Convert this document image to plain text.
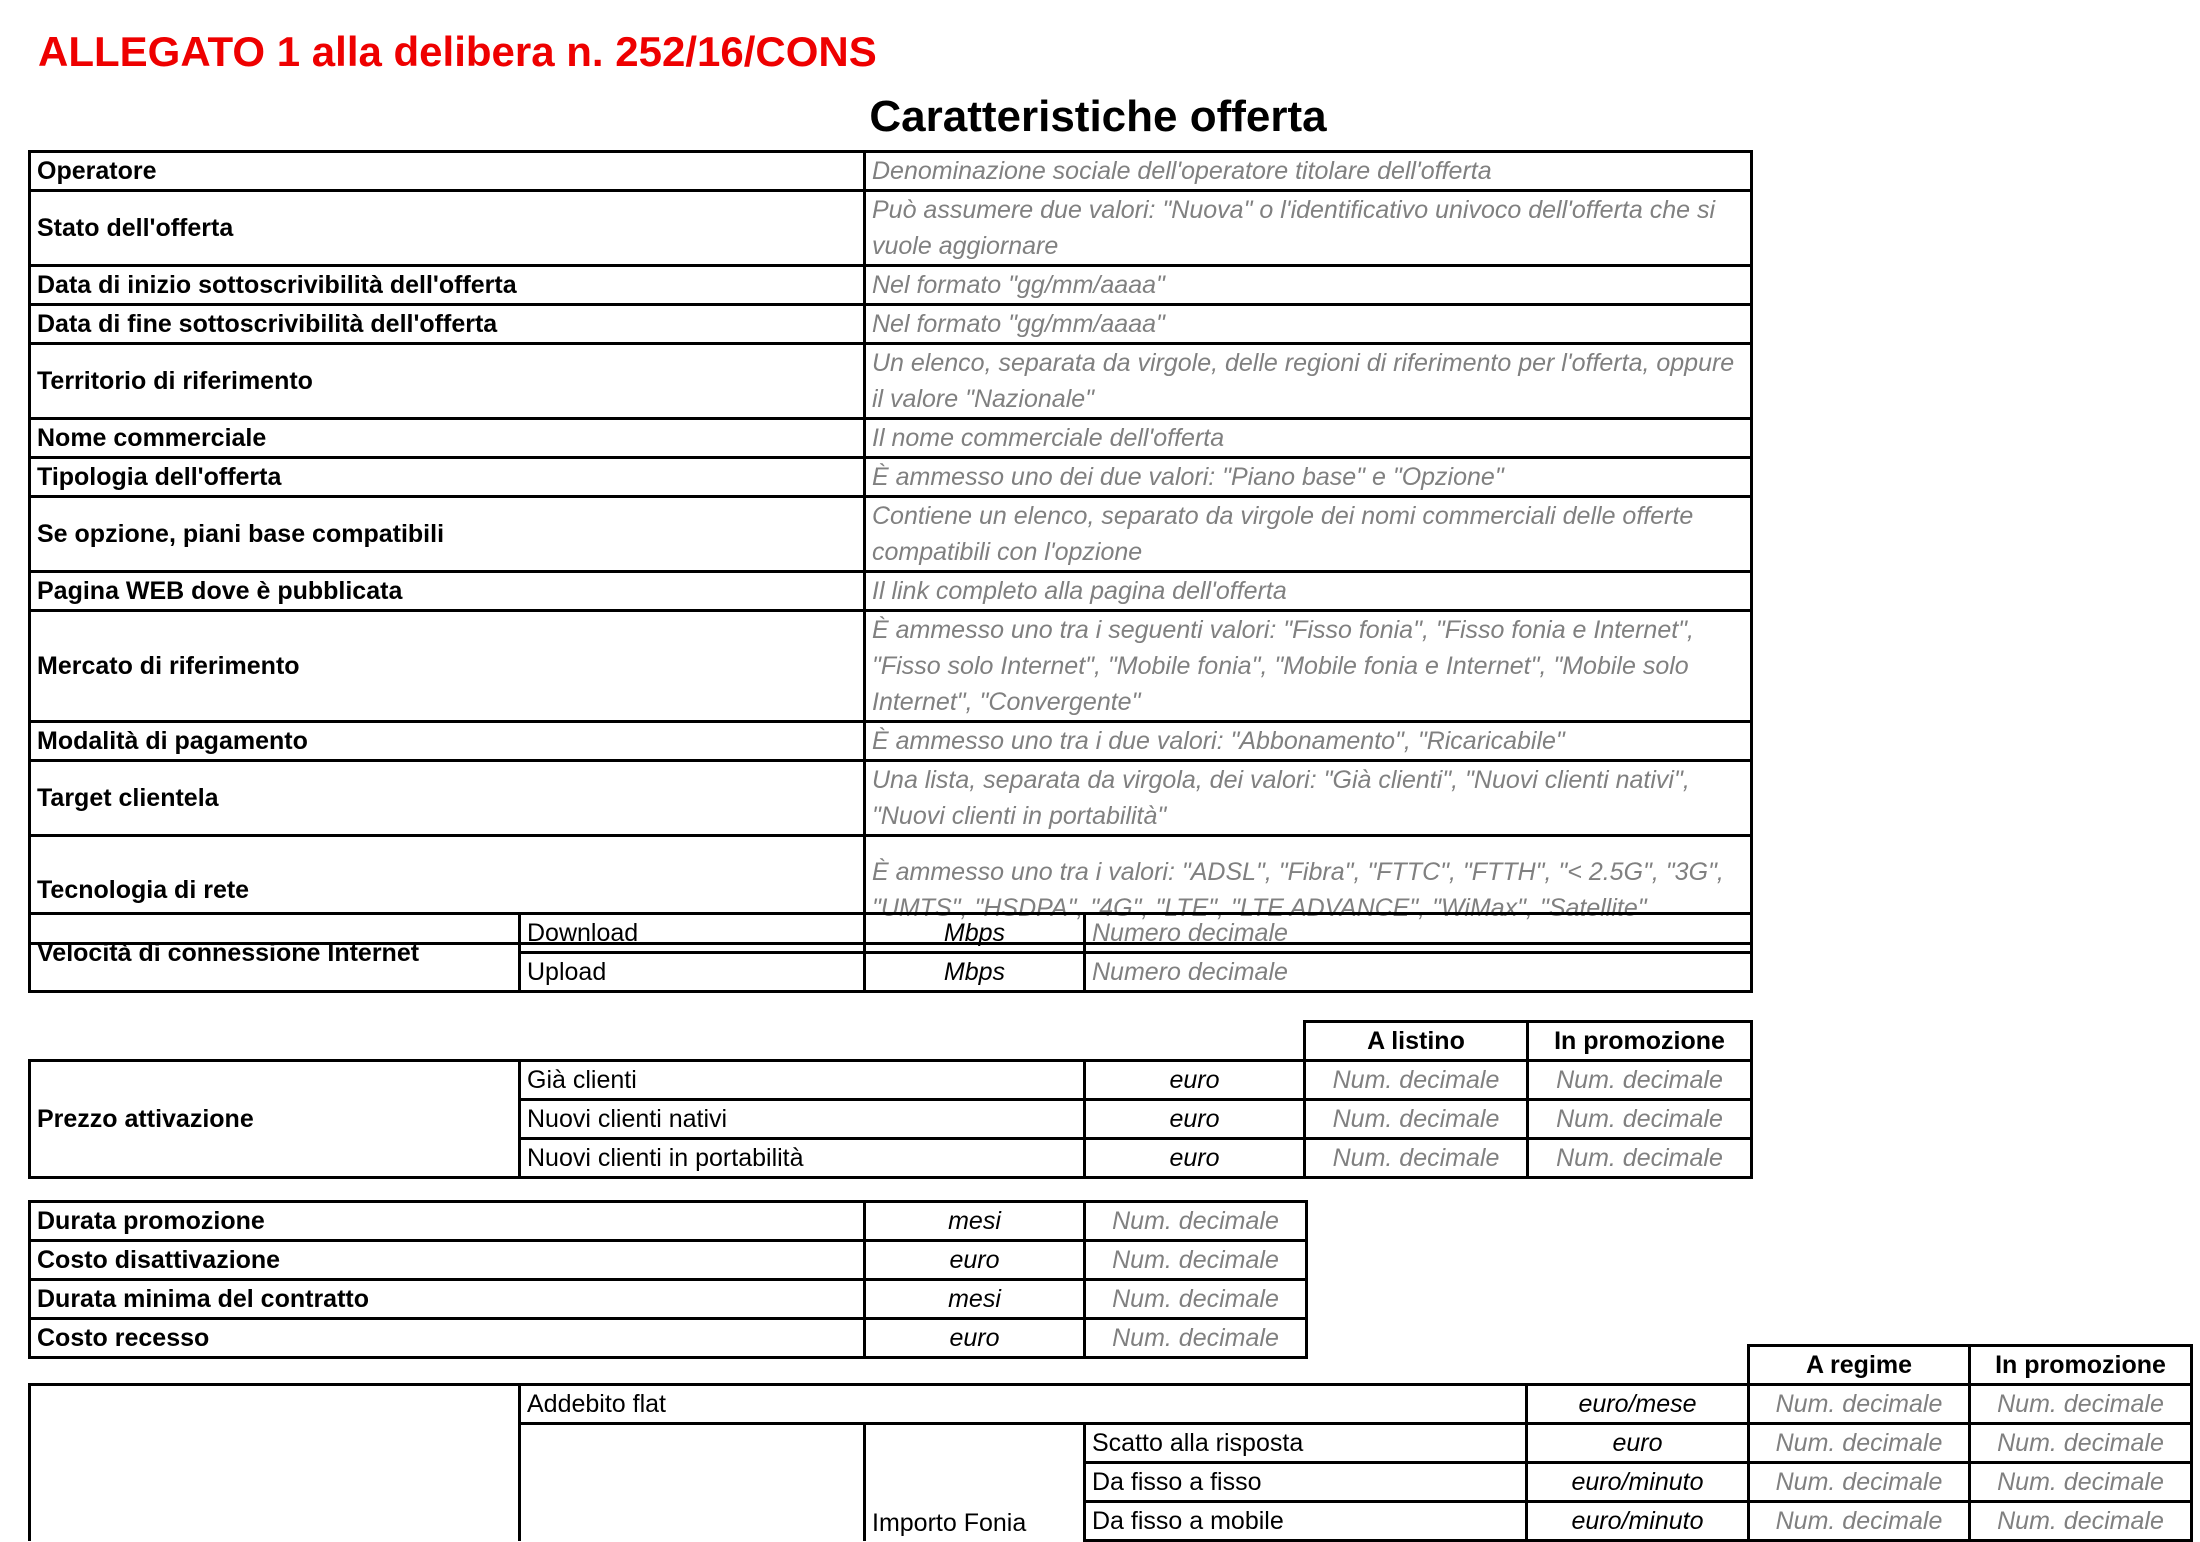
ALLEGATO 1 alla delibera n. 252/16/CONS
Caratteristiche offerta
Operatore	Denominazione sociale dell'operatore titolare dell'offerta
Stato dell'offerta	Può assumere due valori: "Nuova" o l'identificativo univoco dell'offerta che si vuole aggiornare
Data di inizio sottoscrivibilità dell'offerta	Nel formato "gg/mm/aaaa"
Data di fine sottoscrivibilità dell'offerta	Nel formato "gg/mm/aaaa"
Territorio di riferimento	Un elenco, separata da virgole, delle regioni di riferimento per l'offerta, oppure il valore "Nazionale"
Nome commerciale	Il nome commerciale dell'offerta
Tipologia dell'offerta	È ammesso uno dei due valori: "Piano base" e "Opzione"
Se opzione, piani base compatibili	Contiene un elenco, separato da virgole dei nomi commerciali delle offerte compatibili con l'opzione
Pagina WEB dove è pubblicata	Il link completo alla pagina dell'offerta
Mercato di riferimento	È ammesso uno tra i seguenti valori: "Fisso fonia", "Fisso fonia e Internet", "Fisso solo Internet", "Mobile fonia", "Mobile fonia e Internet", "Mobile solo Internet", "Convergente"
Modalità di pagamento	È ammesso uno tra i due valori: "Abbonamento", "Ricaricabile"
Target clientela	Una lista, separata da virgola, dei valori: "Già clienti", "Nuovi clienti nativi", "Nuovi clienti in portabilità"
Tecnologia di rete	È ammesso uno tra i valori: "ADSL", "Fibra", "FTTC", "FTTH", "< 2.5G", "3G", "UMTS", "HSDPA", "4G", "LTE", "LTE ADVANCE", "WiMax", "Satellite"
Velocità di connessione Internet	Download	Mbps	Numero decimale
	Upload	Mbps	Numero decimale
			A listino	In promozione
Prezzo attivazione	Già clienti	euro	Num. decimale	Num. decimale
	Nuovi clienti nativi	euro	Num. decimale	Num. decimale
	Nuovi clienti in portabilità	euro	Num. decimale	Num. decimale
Durata promozione	mesi	Num. decimale
Costo disattivazione	euro	Num. decimale
Durata minima del contratto	mesi	Num. decimale
Costo recesso	euro	Num. decimale
					A regime	In promozione
	Addebito flat			euro/mese	Num. decimale	Num. decimale
		Importo Fonia	Scatto alla risposta	euro	Num. decimale	Num. decimale
			Da fisso a fisso	euro/minuto	Num. decimale	Num. decimale
			Da fisso a mobile	euro/minuto	Num. decimale	Num. decimale
